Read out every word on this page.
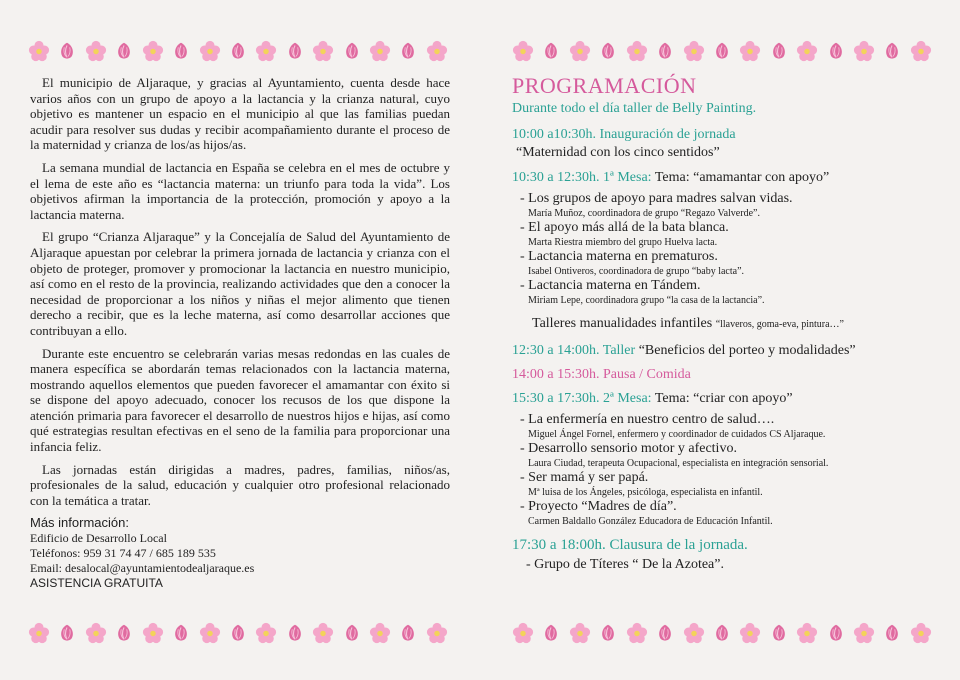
El municipio de Aljaraque, y gracias al Ayuntamiento, cuenta desde hace varios años con un grupo de apoyo a la lactancia y la crianza natural, cuyo objetivo es mantener un espacio en el municipio al que las familias puedan acudir para resolver sus dudas y recibir acompañamiento durante el proceso de la maternidad y crianza de los/as hijos/as.

La semana mundial de lactancia en España se celebra en el mes de octubre y el lema de este año es “lactancia materna: un triunfo para toda la vida”. Los objetivos afirman la importancia de la protección, promoción y apoyo a la lactancia materna.

El grupo “Crianza Aljaraque” y la Concejalía de Salud del Ayuntamiento de Aljaraque apuestan por celebrar la primera jornada de lactancia y crianza con el objeto de proteger, promover y promocionar la lactancia en nuestro municipio, así como en el resto de la provincia, realizando actividades que den a conocer la necesidad de proporcionar a los niños y niñas el mejor alimento que tienen derecho a recibir, que es la leche materna, así como desarrollar acciones que contribuyan a ello.

Durante este encuentro se celebrarán varias mesas redondas en las cuales de manera específica se abordarán temas relacionados con la lactancia materna, mostrando aquellos elementos que pueden favorecer el amamantar con éxito si se dispone del apoyo adecuado, conocer los recusos de los que dispone la atención primaria para favorecer el desarrollo de nuestros hijos e hijas, así como qué estrategias resultan efectivas en el seno de la familia para proporcionar una infancia feliz.

Las jornadas están dirigidas a madres, padres, familias, niños/as, profesionales de la salud, educación y cualquier otro profesional relacionado con la temática a tratar.

Más información:
Edificio de Desarrollo Local
Teléfonos: 959 31 74 47 / 685 189 535
Email: desalocal@ayuntamientodealjaraque.es
ASISTENCIA GRATUITA
PROGRAMACIÓN
Durante todo el día taller de Belly Painting.
10:00 a10:30h. Inauguración de jornada
“Maternidad con los cinco sentidos”
10:30 a 12:30h. 1ª Mesa: Tema: “amamantar con apoyo”
- Los grupos de apoyo para madres salvan vidas.
María Muñoz, coordinadora de grupo “Regazo Valverde”.
- El apoyo más allá de la bata blanca.
Marta Riestra miembro del grupo Huelva lacta.
- Lactancia materna en prematuros.
Isabel Ontiveros, coordinadora de grupo “baby lacta”.
- Lactancia materna en Tándem.
Miriam Lepe, coordinadora grupo “la casa de la lactancia”.
Talleres manualidades infantiles “llaveros, goma-eva, pintura…”
12:30 a 14:00h. Taller “Beneficios del porteo y modalidades”
14:00 a 15:30h. Pausa / Comida
15:30 a 17:30h. 2ª Mesa: Tema: “criar con apoyo”
- La enfermería en nuestro centro de salud….
Miguel Ángel Fornel, enfermero y coordinador de cuidados CS Aljaraque.
- Desarrollo sensorio motor y afectivo.
Laura Ciudad, terapeuta Ocupacional, especialista en integración sensorial.
- Ser mamá y ser papá.
Mª luisa de los Ángeles, psicóloga, especialista en infantil.
- Proyecto “Madres de día”.
Carmen Baldallo González Educadora de Educación Infantil.
17:30 a 18:00h. Clausura de la jornada.
- Grupo de Títeres “ De la Azotea”.
